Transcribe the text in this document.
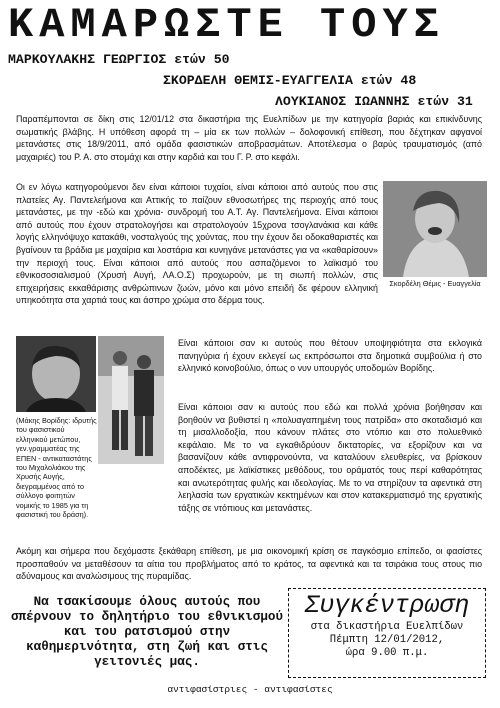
ΚΑΜΑΡΩΣΤΕ ΤΟΥΣ
ΜΑΡΚΟΥΛΑΚΗΣ ΓΕΩΡΓΙΟΣ ετών 50
ΣΚΟΡΔΕΛΗ ΘΕΜΙΣ-ΕΥΑΓΓΕΛΙΑ ετών 48
ΛΟΥΚΙΑΝΟΣ ΙΩΑΝΝΗΣ ετών 31
Παραπέμπονται σε δίκη στις 12/01/12 στα δικαστήρια της Ευελπίδων με την κατηγορία βαριάς και επικίνδυνης σωματικής βλάβης. Η υπόθεση αφορά τη – μία εκ των πολλών – δολοφονική επίθεση, που δέχτηκαν αφγανοί μετανάστες στις 18/9/2011, από ομάδα φασιστικών αποβρασμάτων. Αποτέλεσμα ο βαρύς τραυματισμός (από μαχαιριές) του Ρ. Α. στο στομάχι και στην καρδιά και του Γ. Ρ. στο κεφάλι.
Σκορδέλη Θέμις - Ευαγγελία
Οι εν λόγω κατηγορούμενοι δεν είναι κάποιοι τυχαίοι, είναι κάποιοι από αυτούς που στις πλατείες Αγ. Παντελεήμονα και Αττικής το παίζουν εθνοσωτήρες της περιοχής από τους μετανάστες, με την -εδώ και χρόνια- συνδρομή του Α.Τ. Αγ. Παντελεήμονα. Είναι κάποιοι από αυτούς που έχουν στρατολογήσει και στρατολογούν 15χρονα τσογλανάκια και κάθε λογής ελληνόψυχο κατακάθι, νοσταλγούς της χούντας, που την έχουν δει οδοκαθαριστές και βγαίνουν τα βράδια με μαχαίρια και λοστάρια και κυνηγάνε μετανάστες για να «καθαρίσουν» την περιοχή τους. Είναι κάποιοι από αυτούς που ασπαζόμενοι το λαϊκισμό του εθνικοσοσιαλισμού (Χρυσή Αυγή, ΛΑ.Ο.Σ) προχωρούν, με τη σιωπή πολλών, στις επιχειρήσεις εκκαθάρισης ανθρώπινων ζωών, μόνο και μόνο επειδή δε φέρουν ελληνική υπηκοότητα στα χαρτιά τους και άσπρο χρώμα στο δέρμα τους.
(Μάκης Βορίδης: ιδρυτής του φασιστικού ελληνικού μετώπου, γεν.γραμματέας της ΕΠΕΝ - αντικαταστάτης του Μιχαλολιάκου της Χρυσής Αυγής, διεγραμμένος από το σύλλογο φοιτητών νομικής το 1985 για τη φασιστική του δράση).
Είναι κάποιοι σαν κι αυτούς που θέτουν υποψηφιότητα στα εκλογικά πανηγύρια ή έχουν εκλεγεί ως εκπρόσωποι στα δημοτικά συμβούλια ή στο ελληνικό κοινοβούλιο, όπως ο νυν υπουργός υποδομών Βορίδης.
Είναι κάποιοι σαν κι αυτούς που εδώ και πολλά χρόνια βοήθησαν και βοηθούν να βυθιστεί η «πολυαγαπημένη τους πατρίδα» στο σκοταδισμό και τη μισαλλοδοξία, που κάνουν πλάτες στο ντόπιο και στο πολυεθνικό κεφάλαιο. Με το να εγκαθιδρύουν δικτατορίες, να εξορίζουν και να βασανίζουν κάθε αντιφρονούντα, να καταλύουν ελευθερίες, να βρίσκουν αποδέκτες, με λαϊκίστικες μεθόδους, του οράματός τους περί καθαρότητας και ανωτερότητας φυλής και ιδεολογίας. Με το να στηρίζουν τα αφεντικά στη λεηλασία των εργατικών κεκτημένων και στον κατακερματισμό της εργατικής τάξης σε ντόπιους και μετανάστες.
Ακόμη και σήμερα που δεχόμαστε ξεκάθαρη επίθεση, με μια οικονομική κρίση σε παγκόσμιο επίπεδο, οι φασίστες προσπαθούν να μεταθέσουν τα αίτια του προβλήματος από το κράτος, τα αφεντικά και τα τσιράκια τους στους πιο αδύναμους και αναλώσιμους της πυραμίδας.
Να τσακίσουμε όλους αυτούς που σπέρνουν το δηλητήριο του εθνικισμού και του ρατσισμού στην καθημερινότητα, στη ζωή και στις γειτονιές μας.
Συγκέντρωση
στα δικαστήρια Ευελπίδων
Πέμπτη 12/01/2012,
ώρα 9.00 π.μ.
αντιφασίστριες - αντιφασίστες
